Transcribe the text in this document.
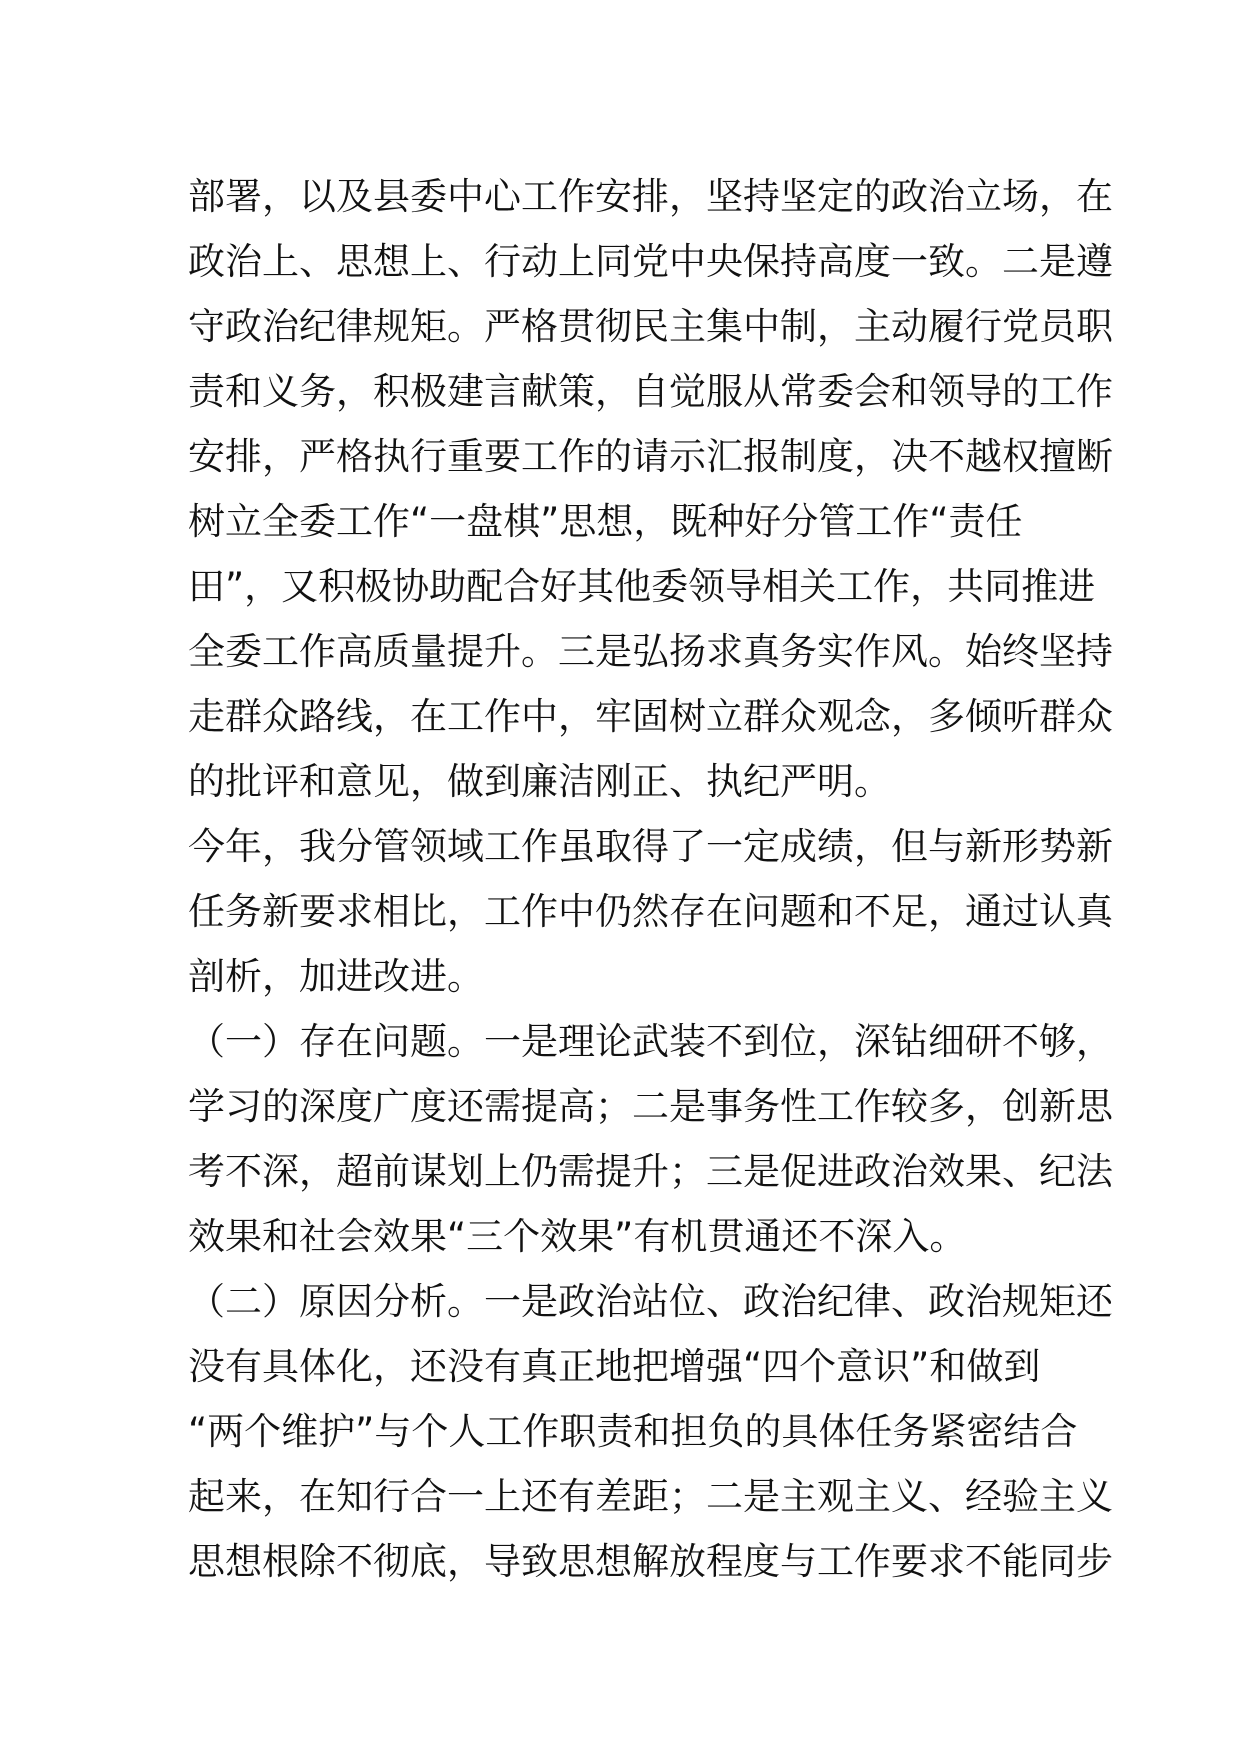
部署，以及县委中心工作安排，坚持坚定的政治立场，在
政治上、思想上、行动上同党中央保持高度一致。二是遵
守政治纪律规矩。严格贯彻民主集中制，主动履行党员职
责和义务，积极建言献策，自觉服从常委会和领导的工作
安排，严格执行重要工作的请示汇报制度，决不越权擅断
树立全委工作“一盘棋”思想，既种好分管工作“责任
田”，又积极协助配合好其他委领导相关工作，共同推进
全委工作高质量提升。三是弘扬求真务实作风。始终坚持
走群众路线，在工作中，牢固树立群众观念，多倾听群众
的批评和意见，做到廉洁刚正、执纪严明。
今年，我分管领域工作虽取得了一定成绩，但与新形势新
任务新要求相比，工作中仍然存在问题和不足，通过认真
剖析，加进改进。
（一）存在问题。一是理论武装不到位，深钻细研不够，
学习的深度广度还需提高；二是事务性工作较多，创新思
考不深，超前谋划上仍需提升；三是促进政治效果、纪法
效果和社会效果“三个效果”有机贯通还不深入。
（二）原因分析。一是政治站位、政治纪律、政治规矩还
没有具体化，还没有真正地把增强“四个意识”和做到
“两个维护”与个人工作职责和担负的具体任务紧密结合
起来，在知行合一上还有差距；二是主观主义、经验主义
思想根除不彻底，导致思想解放程度与工作要求不能同步
